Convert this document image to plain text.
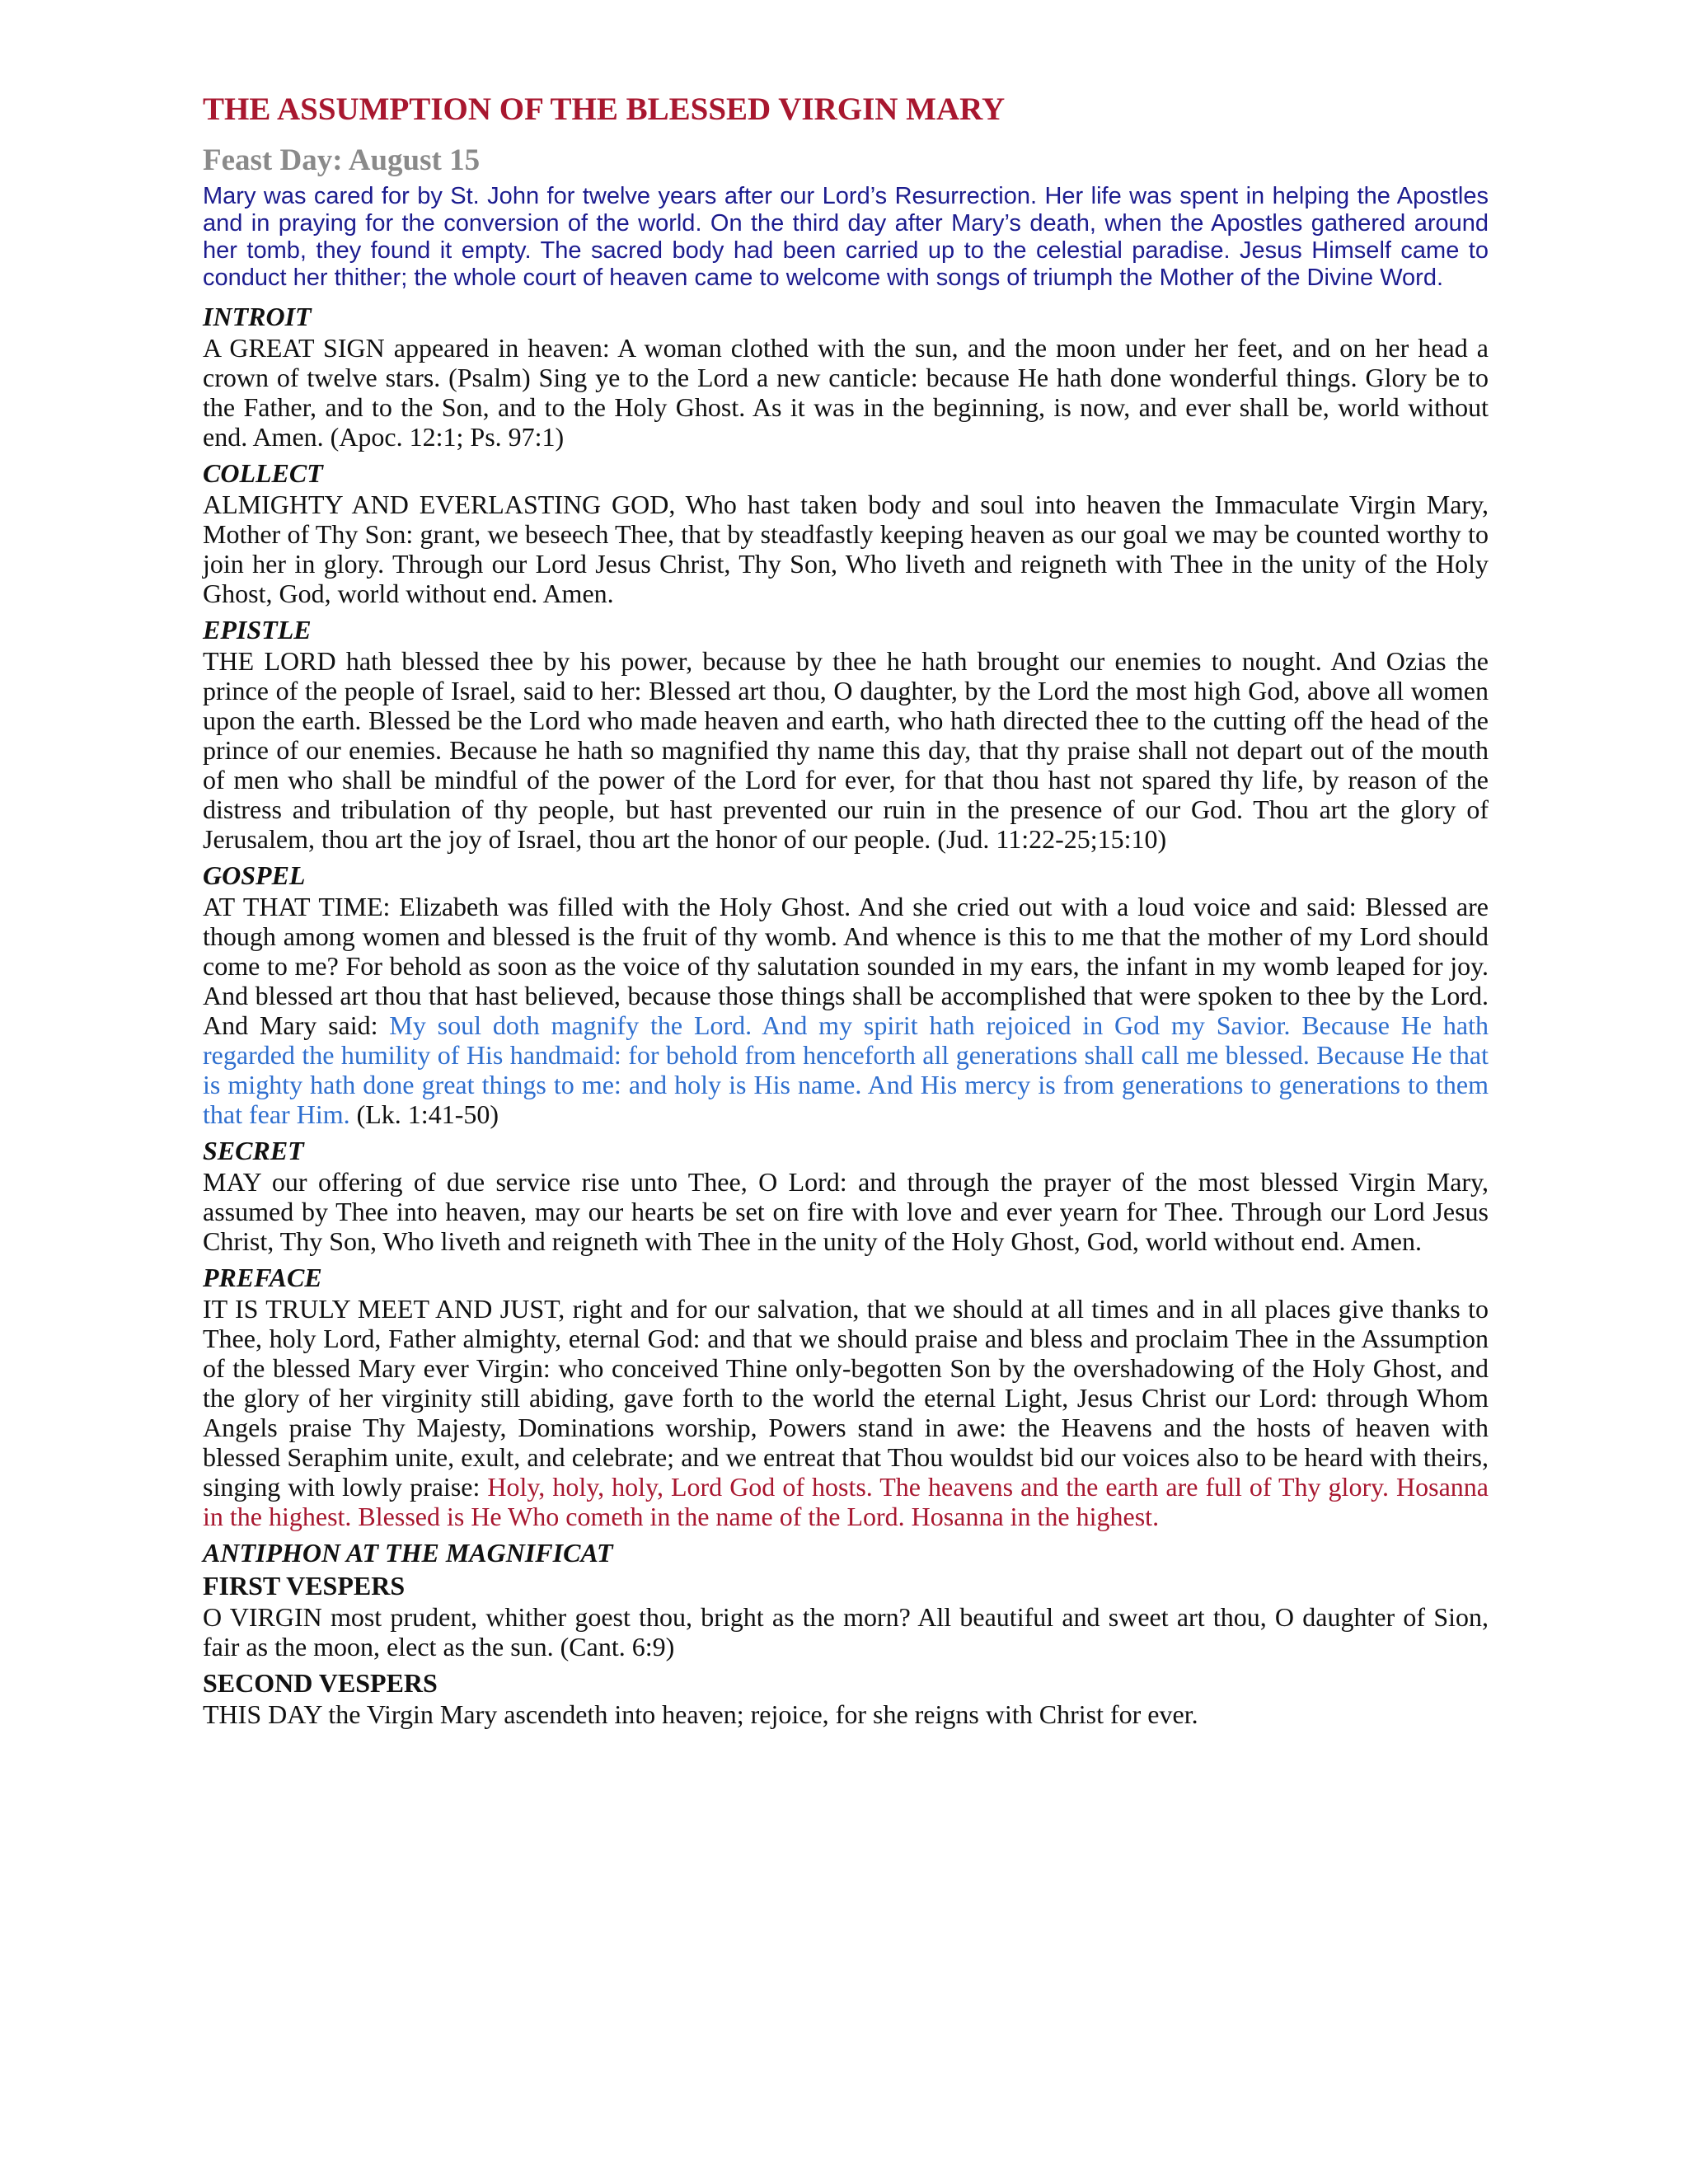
THE ASSUMPTION OF THE BLESSED VIRGIN MARY
Feast Day: August 15
Mary was cared for by St. John for twelve years after our Lord’s Resurrection. Her life was spent in helping the Apostles and in praying for the conversion of the world. On the third day after Mary’s death, when the Apostles gathered around her tomb, they found it empty. The sacred body had been carried up to the celestial paradise. Jesus Himself came to conduct her thither; the whole court of heaven came to welcome with songs of triumph the Mother of the Divine Word.
INTROIT
A GREAT SIGN appeared in heaven: A woman clothed with the sun, and the moon under her feet, and on her head a crown of twelve stars. (Psalm) Sing ye to the Lord a new canticle: because He hath done wonderful things. Glory be to the Father, and to the Son, and to the Holy Ghost. As it was in the beginning, is now, and ever shall be, world without end. Amen. (Apoc. 12:1; Ps. 97:1)
COLLECT
ALMIGHTY AND EVERLASTING GOD, Who hast taken body and soul into heaven the Immaculate Virgin Mary, Mother of Thy Son: grant, we beseech Thee, that by steadfastly keeping heaven as our goal we may be counted worthy to join her in glory. Through our Lord Jesus Christ, Thy Son, Who liveth and reigneth with Thee in the unity of the Holy Ghost, God, world without end. Amen.
EPISTLE
THE LORD hath blessed thee by his power, because by thee he hath brought our enemies to nought. And Ozias the prince of the people of Israel, said to her: Blessed art thou, O daughter, by the Lord the most high God, above all women upon the earth. Blessed be the Lord who made heaven and earth, who hath directed thee to the cutting off the head of the prince of our enemies. Because he hath so magnified thy name this day, that thy praise shall not depart out of the mouth of men who shall be mindful of the power of the Lord for ever, for that thou hast not spared thy life, by reason of the distress and tribulation of thy people, but hast prevented our ruin in the presence of our God. Thou art the glory of Jerusalem, thou art the joy of Israel, thou art the honor of our people. (Jud. 11:22-25;15:10)
GOSPEL
AT THAT TIME: Elizabeth was filled with the Holy Ghost. And she cried out with a loud voice and said: Blessed are though among women and blessed is the fruit of thy womb. And whence is this to me that the mother of my Lord should come to me? For behold as soon as the voice of thy salutation sounded in my ears, the infant in my womb leaped for joy. And blessed art thou that hast believed, because those things shall be accomplished that were spoken to thee by the Lord. And Mary said: My soul doth magnify the Lord. And my spirit hath rejoiced in God my Savior. Because He hath regarded the humility of His handmaid: for behold from henceforth all generations shall call me blessed. Because He that is mighty hath done great things to me: and holy is His name. And His mercy is from generations to generations to them that fear Him. (Lk. 1:41-50)
SECRET
MAY our offering of due service rise unto Thee, O Lord: and through the prayer of the most blessed Virgin Mary, assumed by Thee into heaven, may our hearts be set on fire with love and ever yearn for Thee. Through our Lord Jesus Christ, Thy Son, Who liveth and reigneth with Thee in the unity of the Holy Ghost, God, world without end. Amen.
PREFACE
IT IS TRULY MEET AND JUST, right and for our salvation, that we should at all times and in all places give thanks to Thee, holy Lord, Father almighty, eternal God: and that we should praise and bless and proclaim Thee in the Assumption of the blessed Mary ever Virgin: who conceived Thine only-begotten Son by the overshadowing of the Holy Ghost, and the glory of her virginity still abiding, gave forth to the world the eternal Light, Jesus Christ our Lord: through Whom Angels praise Thy Majesty, Dominations worship, Powers stand in awe: the Heavens and the hosts of heaven with blessed Seraphim unite, exult, and celebrate; and we entreat that Thou wouldst bid our voices also to be heard with theirs, singing with lowly praise: Holy, holy, holy, Lord God of hosts. The heavens and the earth are full of Thy glory. Hosanna in the highest. Blessed is He Who cometh in the name of the Lord. Hosanna in the highest.
ANTIPHON AT THE MAGNIFICAT
FIRST VESPERS
O VIRGIN most prudent, whither goest thou, bright as the morn? All beautiful and sweet art thou, O daughter of Sion, fair as the moon, elect as the sun. (Cant. 6:9)
SECOND VESPERS
THIS DAY the Virgin Mary ascendeth into heaven; rejoice, for she reigns with Christ for ever.
